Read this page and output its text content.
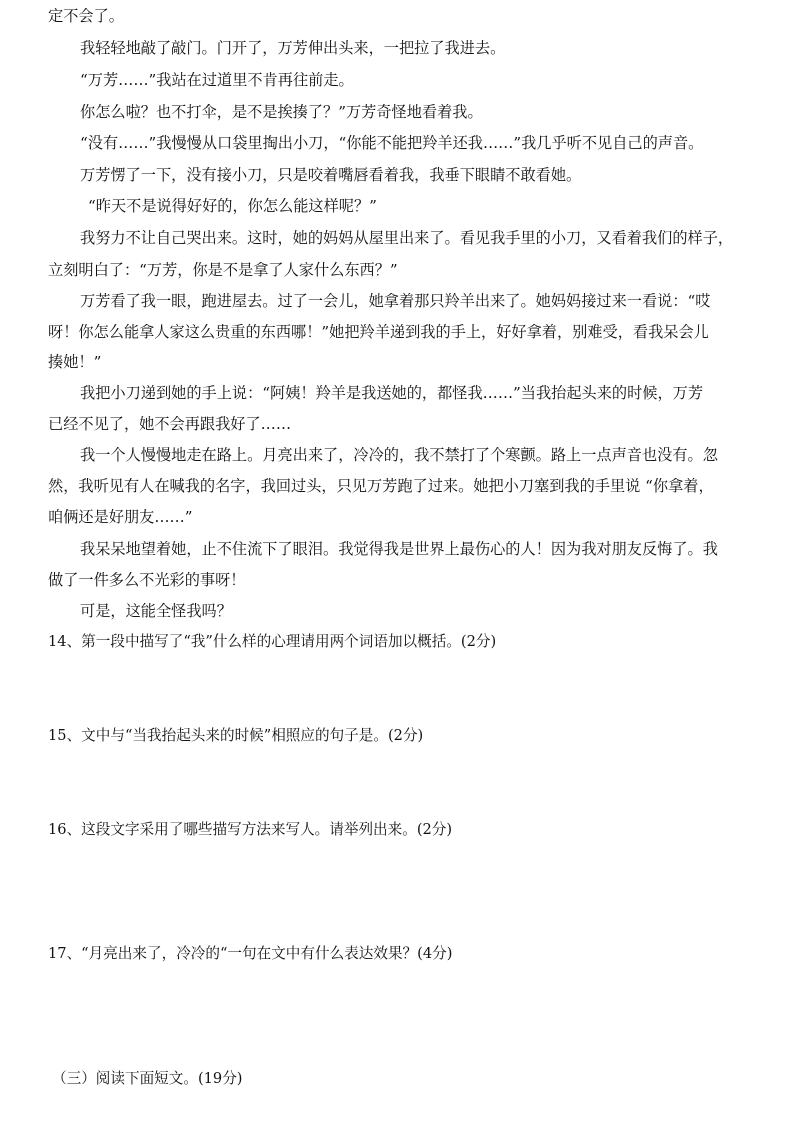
定不会了。
我轻轻地敲了敲门。门开了，万芳伸出头来，一把拉了我进去。
“万芳……”我站在过道里不肯再往前走。
你怎么啦？也不打伞，是不是挨揍了？”万芳奇怪地看着我。
“没有……”我慢慢从口袋里掏出小刀，“你能不能把羚羊还我……”我几乎听不见自己的声音。
万芳愣了一下，没有接小刀，只是咬着嘴唇看着我，我垂下眼睛不敢看她。
“昨天不是说得好好的，你怎么能这样呢？”
我努力不让自己哭出来。这时，她的妈妈从屋里出来了。看见我手里的小刀，又看着我们的样子，
立刻明白了：“万芳，你是不是拿了人家什么东西？”
万芳看了我一眼，跑进屋去。过了一会儿，她拿着那只羚羊出来了。她妈妈接过来一看说：“哎
呀！你怎么能拿人家这么贵重的东西哪！”她把羚羊递到我的手上，好好拿着，别难受，看我呆会儿
揍她！”
我把小刀递到她的手上说：“阿姨！羚羊是我送她的，都怪我……”当我抬起头来的时候，万芳
已经不见了，她不会再跟我好了……
我一个人慢慢地走在路上。月亮出来了，冷冷的，我不禁打了个寒颤。路上一点声音也没有。忽
然，我听见有人在喊我的名字，我回过头，只见万芳跑了过来。她把小刀塞到我的手里说 “你拿着，
咱俩还是好朋友……”
我呆呆地望着她，止不住流下了眼泪。我觉得我是世界上最伤心的人！因为我对朋友反悔了。我
做了一件多么不光彩的事呀！
可是，这能全怪我吗？
14、第一段中描写了“我”什么样的心理请用两个词语加以概括。(2分)
15、文中与“当我抬起头来的时候”相照应的句子是。(2分)
16、这段文字采用了哪些描写方法来写人。请举列出来。(2分)
17、“月亮出来了，冷冷的“一句在文中有什么表达效果？(4分)
（三）阅读下面短文。(19分)
